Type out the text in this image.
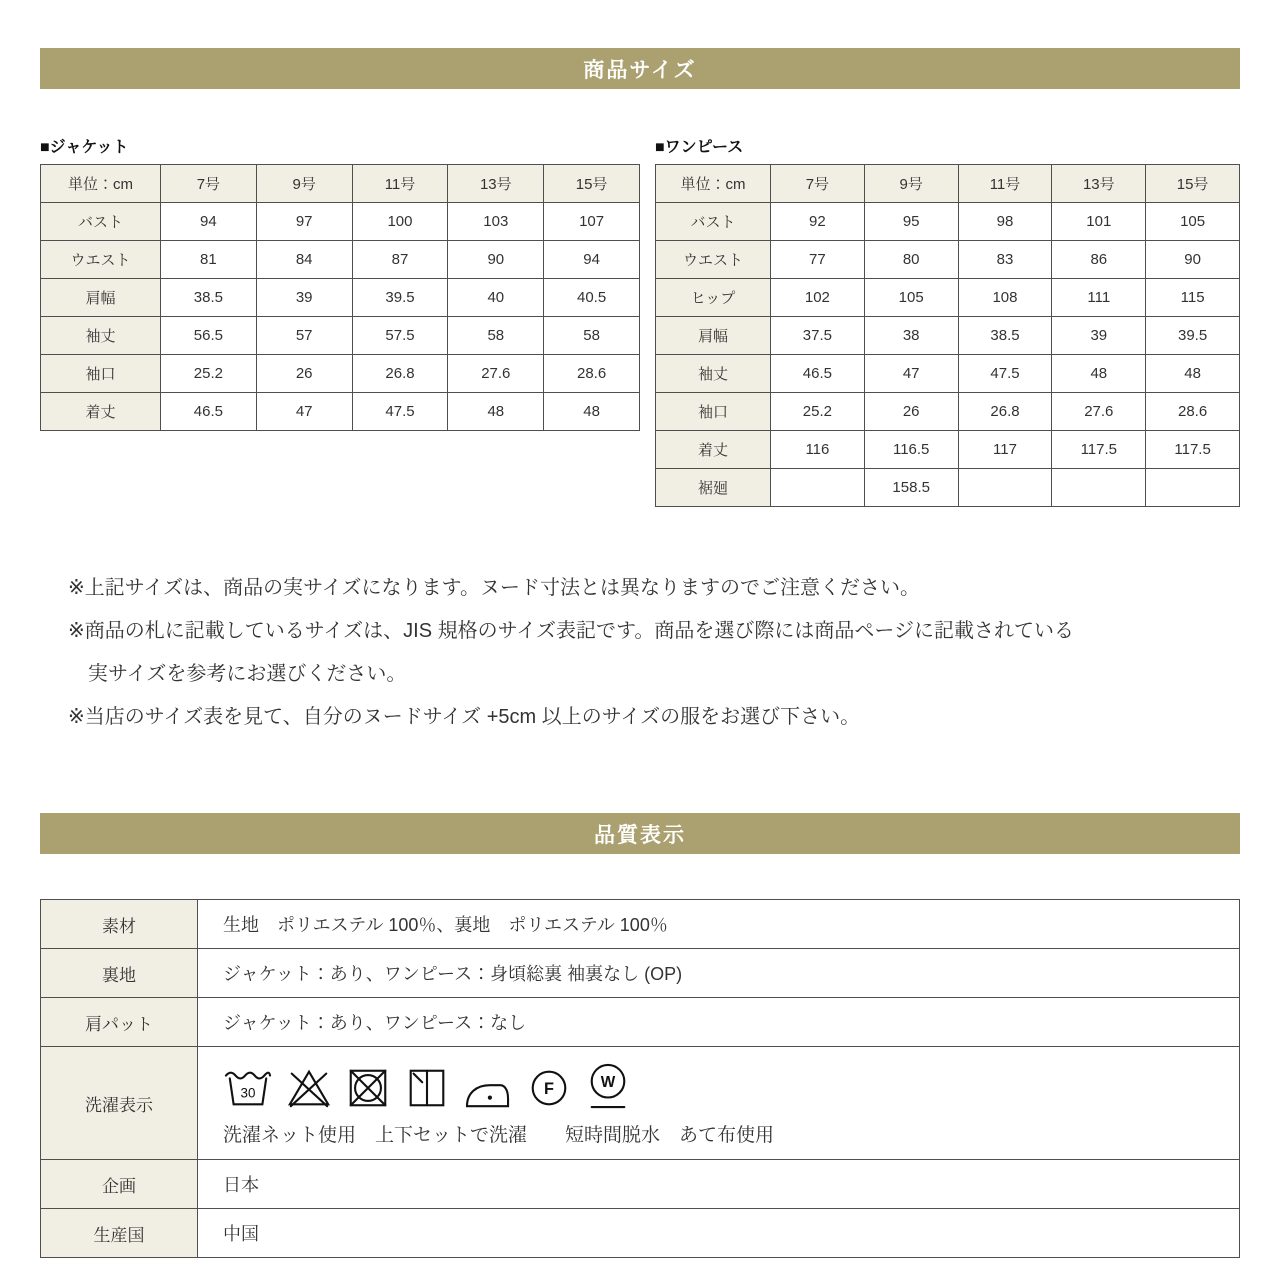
商品サイズ
■ジャケット
単位：cm	7号	9号	11号	13号	15号
バスト	94	97	100	103	107
ウエスト	81	84	87	90	94
肩幅	38.5	39	39.5	40	40.5
袖丈	56.5	57	57.5	58	58
袖口	25.2	26	26.8	27.6	28.6
着丈	46.5	47	47.5	48	48
■ワンピース
単位：cm	7号	9号	11号	13号	15号
バスト	92	95	98	101	105
ウエスト	77	80	83	86	90
ヒップ	102	105	108	111	115
肩幅	37.5	38	38.5	39	39.5
袖丈	46.5	47	47.5	48	48
袖口	25.2	26	26.8	27.6	28.6
着丈	116	116.5	117	117.5	117.5
裾廻		158.5			

※上記サイズは、商品の実サイズになります。ヌード寸法とは異なりますのでご注意ください。

※商品の札に記載しているサイズは、JIS 規格のサイズ表記です。商品を選び際には商品ページに記載されている

実サイズを参考にお選びください。

※当店のサイズ表を見て、自分のヌードサイズ +5cm 以上のサイズの服をお選び下さい。

品質表示
素材	生地　ポリエステル 100％、裏地　ポリエステル 100％
裏地	ジャケット：あり、ワンピース：身頃総裏 袖裏なし (OP)
肩パット	ジャケット：あり、ワンピース：なし
洗濯表示	30 F W
洗濯ネット使用　上下セットで洗濯　　短時間脱水　あて布使用

企画	日本
生産国	中国
